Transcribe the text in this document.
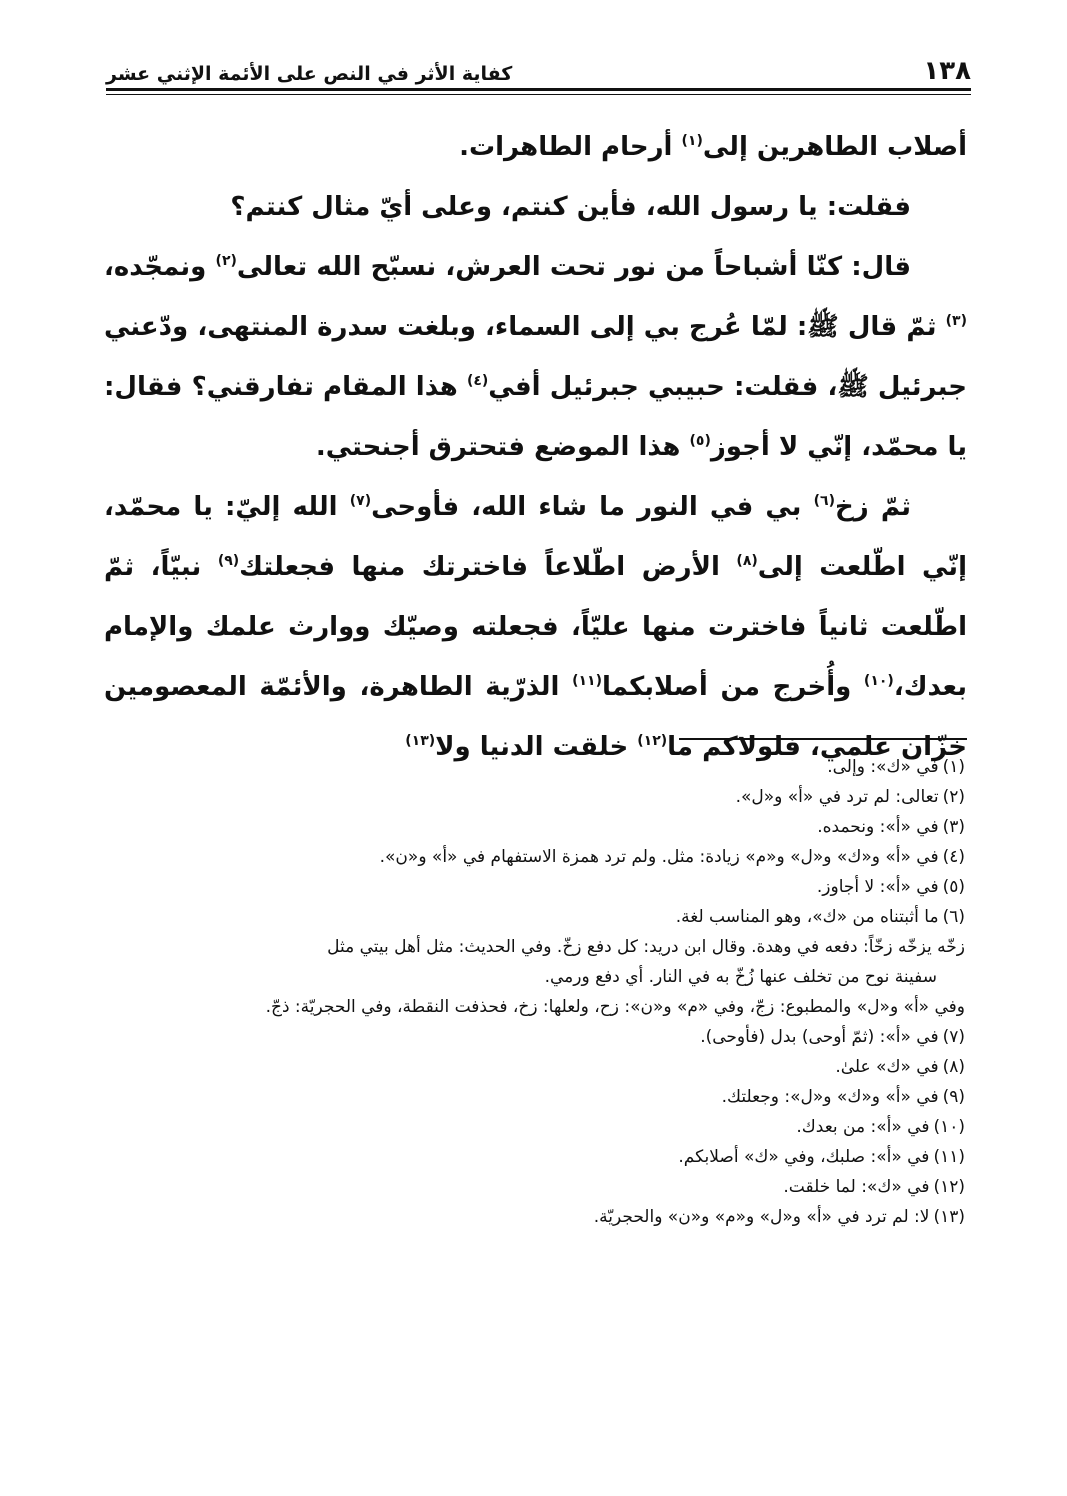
١٣٨
كفاية الأثر في النص على الأئمة الإثني عشر

أصلاب الطاهرين إلى$^{(١)}$ أرحام الطاهرات.

فقلت: يا رسول الله، فأين كنتم، وعلى أيّ مثال كنتم؟

قال: كنّا أشباحاً من نور تحت العرش، نسبّح الله تعالى$^{(٢)}$ ونمجّده،$^{(٣)}$ ثمّ قال ﷺ: لمّا عُرج بي إلى السماء، وبلغت سدرة المنتهى، ودّعني جبرئيل ﷺ، فقلت: حبيبي جبرئيل أفي$^{(٤)}$ هذا المقام تفارقني؟ فقال: يا محمّد، إنّي لا أجوز$^{(٥)}$ هذا الموضع فتحترق أجنحتي.

ثمّ زخ$^{(٦)}$ بي في النور ما شاء الله، فأوحى$^{(٧)}$ الله إليّ: يا محمّد، إنّي اطّلعت إلى$^{(٨)}$ الأرض اطّلاعاً فاخترتك منها فجعلتك$^{(٩)}$ نبيّاً، ثمّ اطّلعت ثانياً فاخترت منها عليّاً، فجعلته وصيّك ووارث علمك والإمام بعدك،$^{(١٠)}$ وأُخرج من أصلابكما$^{(١١)}$ الذرّية الطاهرة، والأئمّة المعصومين خزّان علمي، فلولاكم ما$^{(١٢)}$ خلقت الدنيا ولا$^{(١٣)}$

(١)في «ك»: وإلى.
(٢)تعالى: لم ترد في «أ» و«ل».
(٣)في «أ»: ونحمده.
(٤)في «أ» و«ك» و«ل» و«م» زيادة: مثل. ولم ترد همزة الاستفهام في «أ» و«ن».
(٥)في «أ»: لا أجاوز.
(٦)ما أثبتناه من «ك»، وهو المناسب لغة.
زخّه يزخّه زخّاً: دفعه في وهدة. وقال ابن دريد: كل دفع زخّ. وفي الحديث: مثل أهل بيتي مثل
سفينة نوح من تخلف عنها زُخّ به في النار. أي دفع ورمي.
وفي «أ» و«ل» والمطبوع: زجّ، وفي «م» و«ن»: زح، ولعلها: زخ، فحذفت النقطة، وفي الحجريّة: ذجّ.
(٧)في «أ»: (ثمّ أوحى) بدل (فأوحى).
(٨)في «ك» علىٰ.
(٩)في «أ» و«ك» و«ل»: وجعلتك.
(١٠)في «أ»: من بعدك.
(١١)في «أ»: صلبك، وفي «ك» أصلابكم.
(١٢)في «ك»: لما خلقت.
(١٣)لا: لم ترد في «أ» و«ل» و«م» و«ن» والحجريّة.
